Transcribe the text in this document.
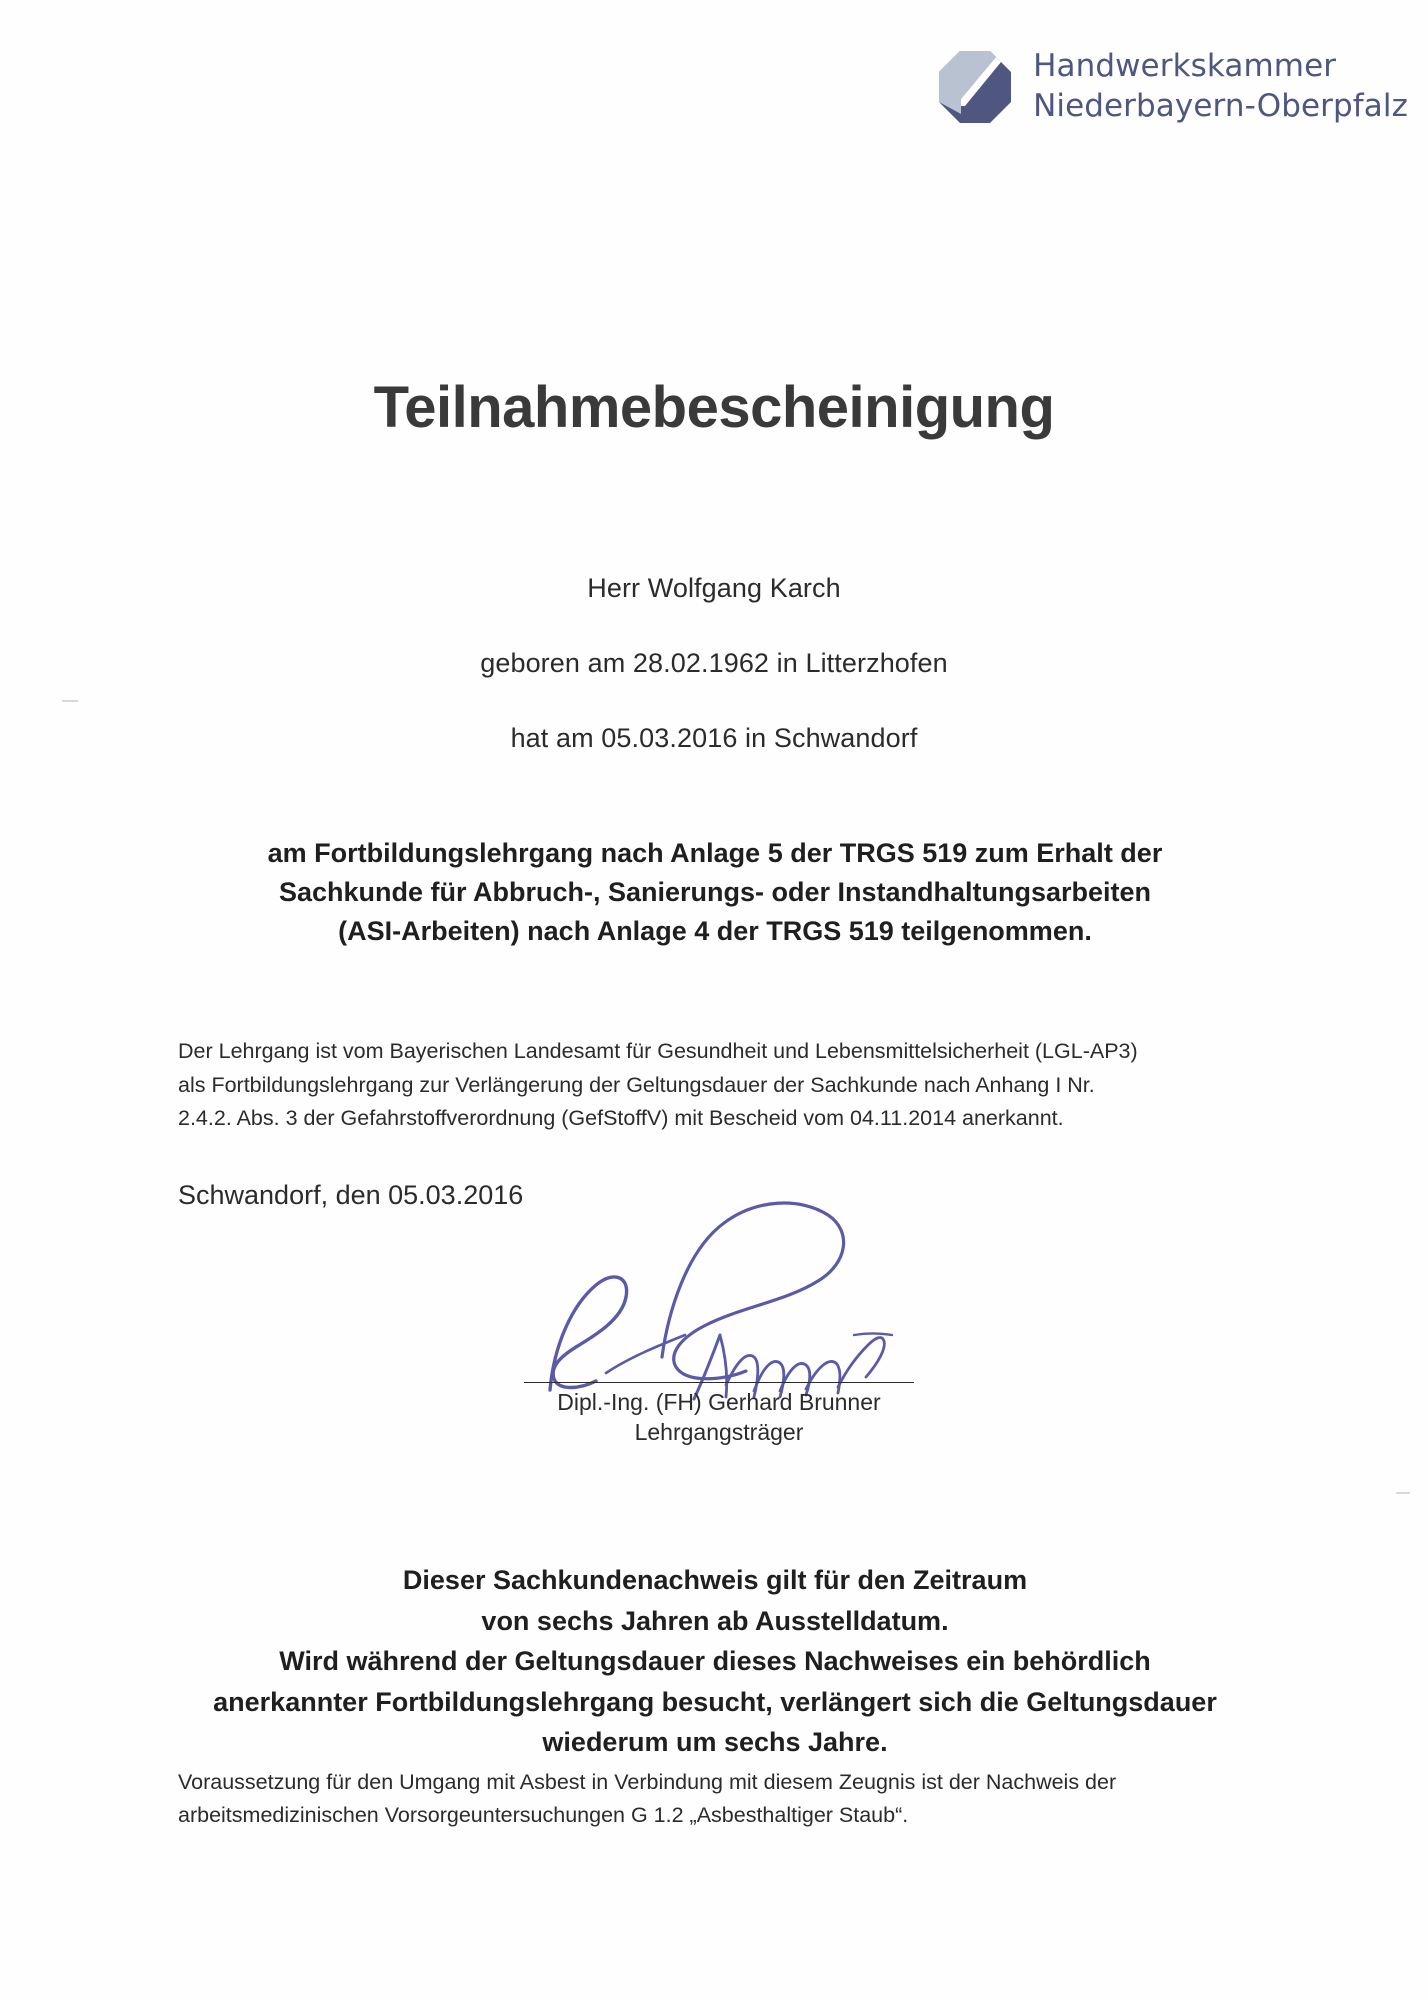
Handwerkskammer
Niederbayern-Oberpfalz
Teilnahmebescheinigung
Herr Wolfgang Karch
geboren am 28.02.1962 in Litterzhofen
hat am 05.03.2016 in Schwandorf
am Fortbildungslehrgang nach Anlage 5 der TRGS 519 zum Erhalt der
Sachkunde für Abbruch-, Sanierungs- oder Instandhaltungsarbeiten
(ASI-Arbeiten) nach Anlage 4 der TRGS 519 teilgenommen.
Der Lehrgang ist vom Bayerischen Landesamt für Gesundheit und Lebensmittelsicherheit (LGL-AP3)
als Fortbildungslehrgang zur Verlängerung der Geltungsdauer der Sachkunde nach Anhang I Nr.
2.4.2. Abs. 3 der Gefahrstoffverordnung (GefStoffV) mit Bescheid vom 04.11.2014 anerkannt.
Schwandorf, den 05.03.2016
Dipl.-Ing. (FH) Gerhard Brunner
Lehrgangsträger
Dieser Sachkundenachweis gilt für den Zeitraum
von sechs Jahren ab Ausstelldatum.
Wird während der Geltungsdauer dieses Nachweises ein behördlich
anerkannter Fortbildungslehrgang besucht, verlängert sich die Geltungsdauer
wiederum um sechs Jahre.
Voraussetzung für den Umgang mit Asbest in Verbindung mit diesem Zeugnis ist der Nachweis der
arbeitsmedizinischen Vorsorgeuntersuchungen G 1.2 „Asbesthaltiger Staub“.
